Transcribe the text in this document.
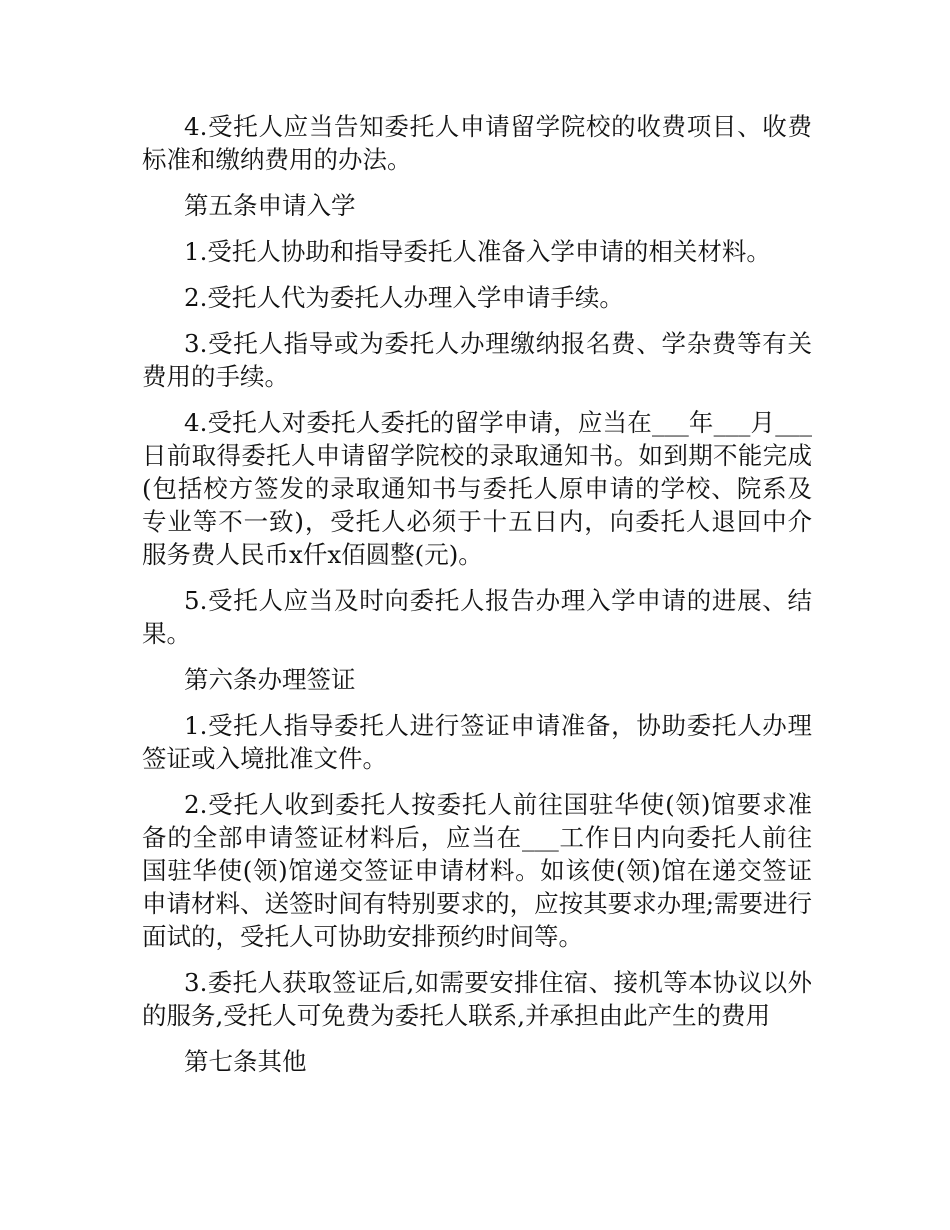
4.受托人应当告知委托人申请留学院校的收费项目、收费标准和缴纳费用的办法。

第五条申请入学

1.受托人协助和指导委托人准备入学申请的相关材料。

2.受托人代为委托人办理入学申请手续。

3.受托人指导或为委托人办理缴纳报名费、学杂费等有关费用的手续。

4.受托人对委托人委托的留学申请，应当在___年___月___日前取得委托人申请留学院校的录取通知书。如到期不能完成(包括校方签发的录取通知书与委托人原申请的学校、院系及专业等不一致)，受托人必须于十五日内，向委托人退回中介服务费人民币x仟x佰圆整(元)。

5.受托人应当及时向委托人报告办理入学申请的进展、结果。

第六条办理签证

1.受托人指导委托人进行签证申请准备，协助委托人办理签证或入境批准文件。

2.受托人收到委托人按委托人前往国驻华使(领)馆要求准备的全部申请签证材料后，应当在___工作日内向委托人前往国驻华使(领)馆递交签证申请材料。如该使(领)馆在递交签证申请材料、送签时间有特别要求的，应按其要求办理;需要进行面试的，受托人可协助安排预约时间等。

3.委托人获取签证后,如需要安排住宿、接机等本协议以外的服务,受托人可免费为委托人联系,并承担由此产生的费用

第七条其他
